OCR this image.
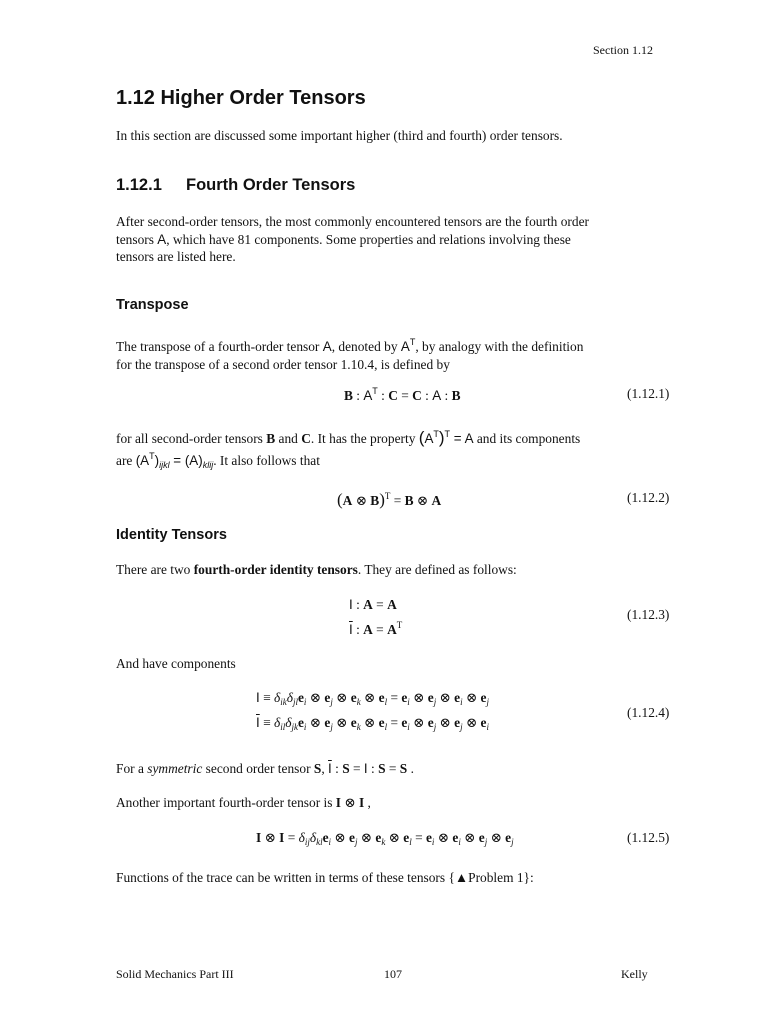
Section 1.12
1.12 Higher Order Tensors

In this section are discussed some important higher (third and fourth) order tensors.

1.12.1 Fourth Order Tensors

After second-order tensors, the most commonly encountered tensors are the fourth order
tensors A, which have 81 components. Some properties and relations involving these
tensors are listed here.

Transpose

The transpose of a fourth-order tensor A, denoted by $A^T$, by analogy with the definition
for the transpose of a second order tensor 1.10.4, is defined by

B : $A^T$ : C = C : A : B	(1.12.1)

for all second-order tensors B and C. It has the property $(A^T)^T = A$ and its components
are $(A^T)_{ijkl} = (A)_{klij}$. It also follows that

(A ⊗ B)$^T$ = B ⊗ A	(1.12.2)
Identity Tensors

There are two fourth-order identity tensors. They are defined as follows:

I : A = A
$\overline{I}$ : $A = A^T$
(1.12.3)

And have components

$I \equiv \delta_{ik}\delta_{jl}e_i$ ⊗ $e_j$ ⊗ $e_k$ ⊗ $e_l = e_i$ ⊗ $e_j$ ⊗ $e_i$ ⊗ $e_j$
$\overline{I} \equiv \delta_{il}\delta_{jk}e_i$ ⊗ $e_j$ ⊗ $e_k$ ⊗ $e_l = e_i$ ⊗ $e_j$ ⊗ $e_j$ ⊗ $e_i$
(1.12.4)

For a symmetric second order tensor S, $\overline{I}$ : S = I : S = S .

Another important fourth-order tensor is I ⊗ I ,

I ⊗ $I = \delta_{ij}\delta_{kl}e_i$ ⊗ $e_j$ ⊗ $e_k$ ⊗ $e_l = e_i$ ⊗ $e_i$ ⊗ $e_j$ ⊗ $e_j$	(1.12.5)

Functions of the trace can be written in terms of these tensors {▲Problem 1}:

Solid Mechanics Part III	107	Kelly
